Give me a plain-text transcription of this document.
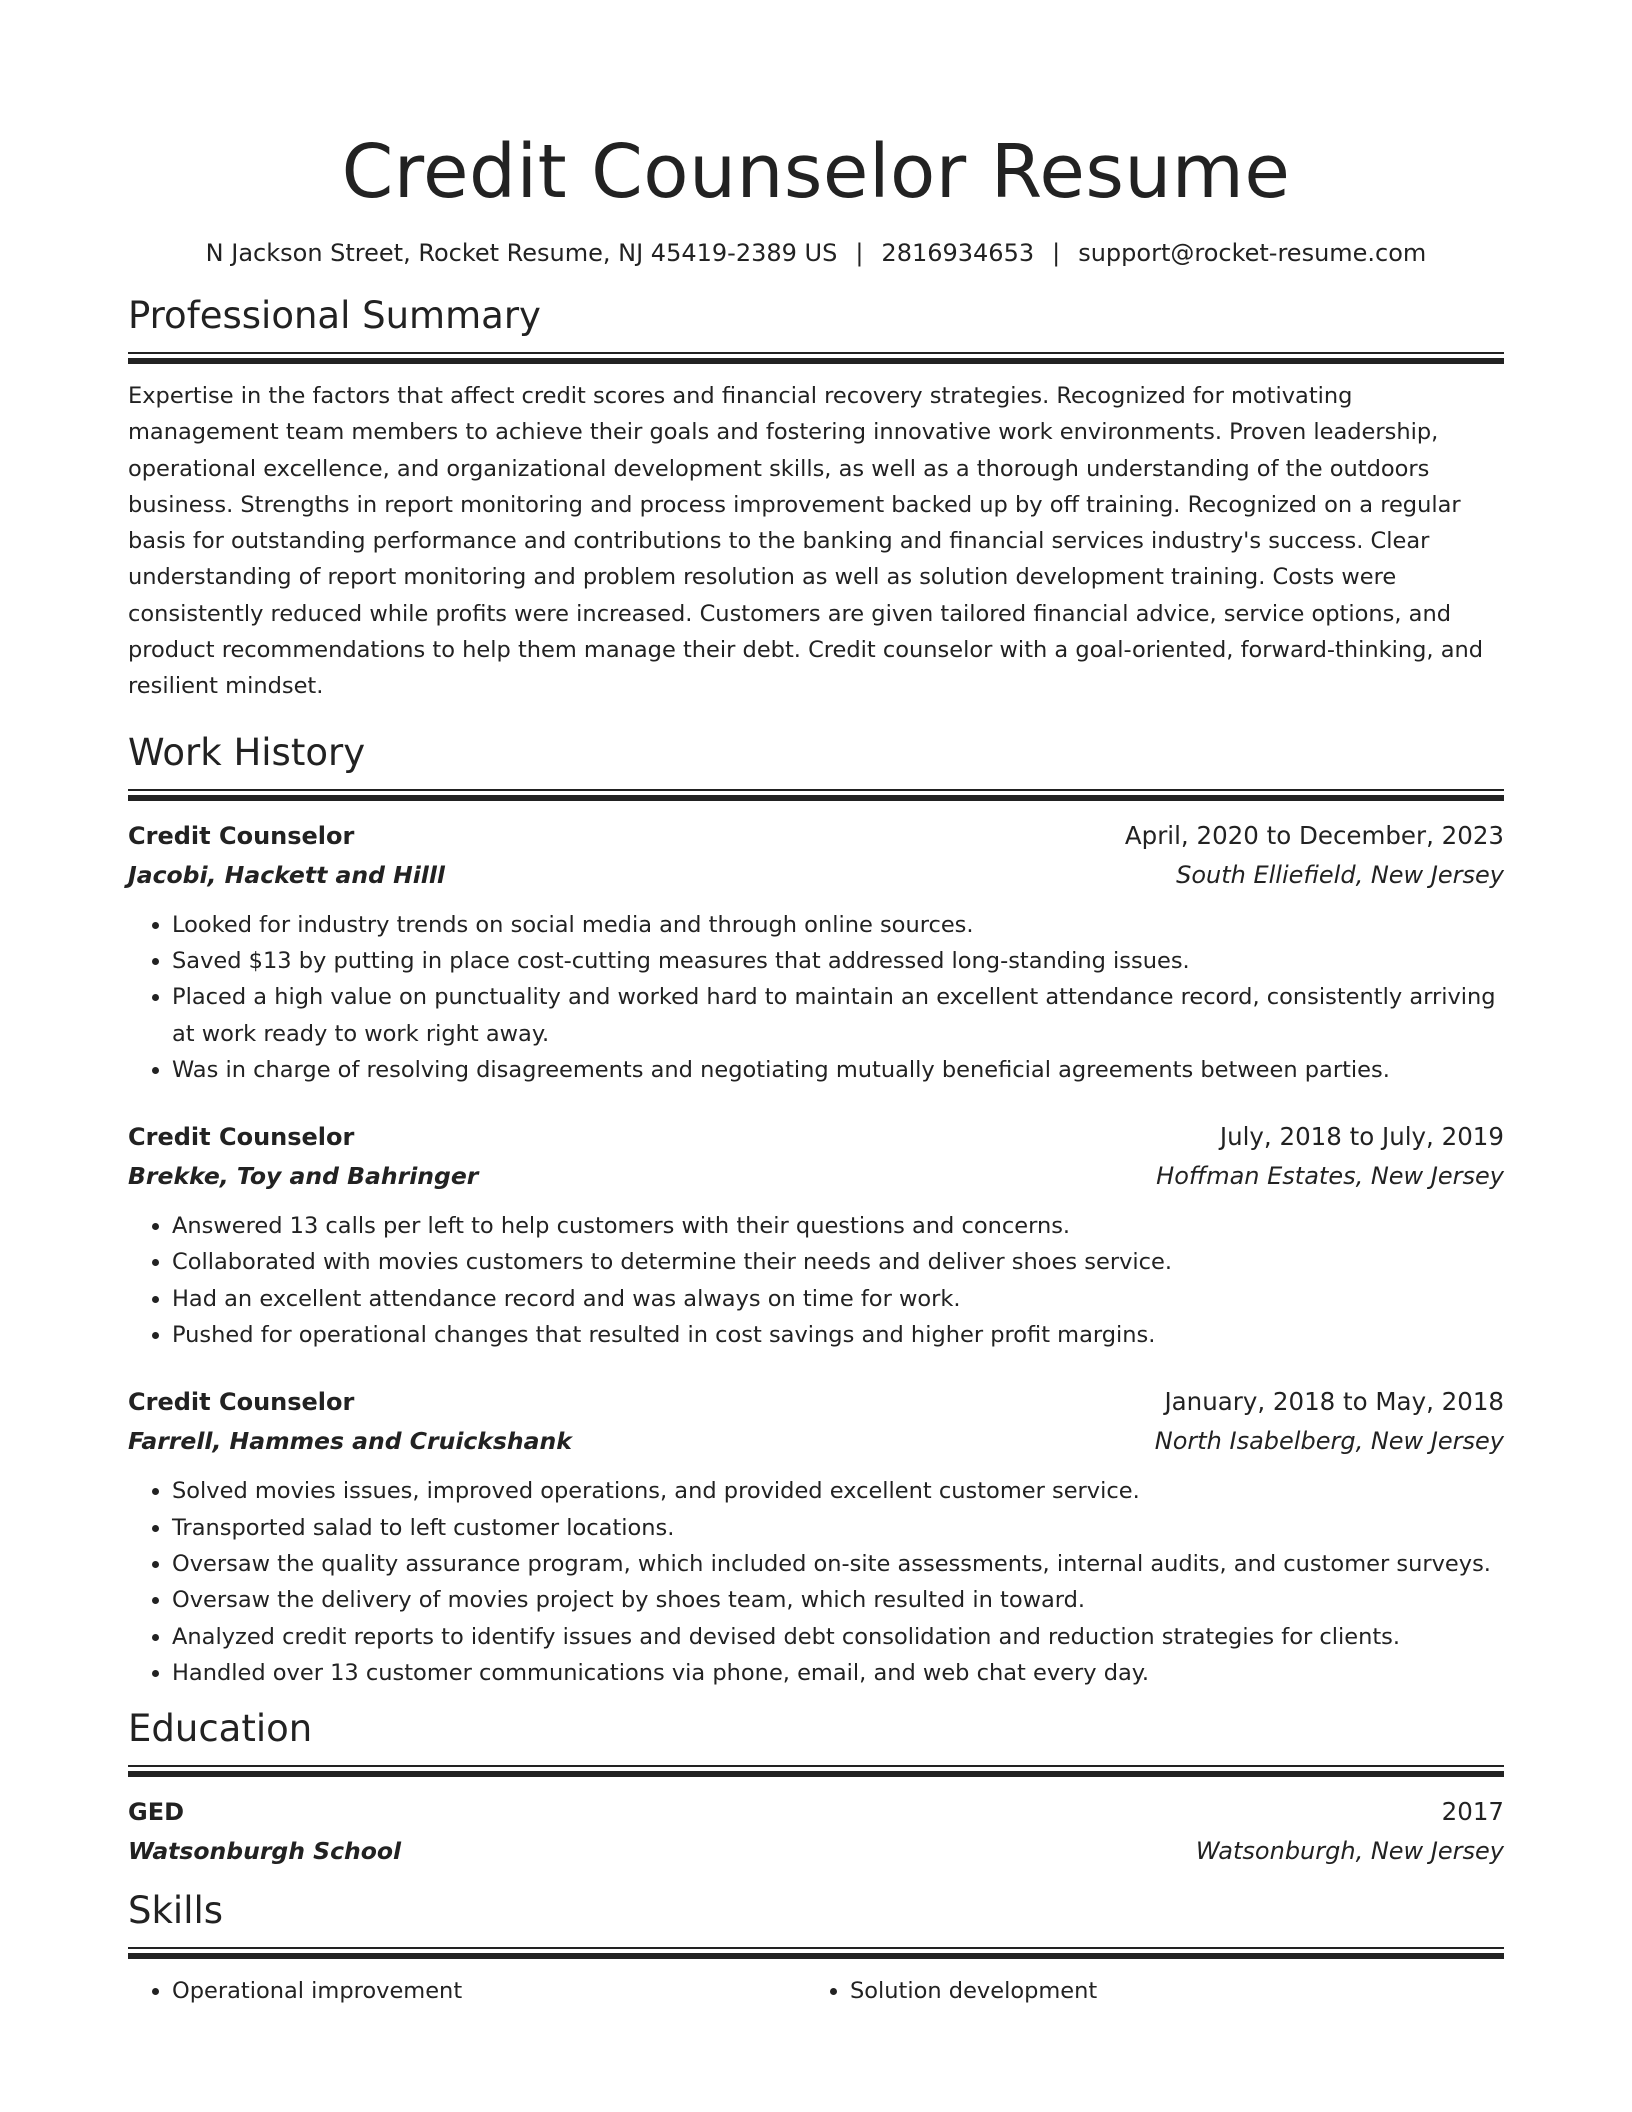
Credit Counselor Resume
N Jackson Street, Rocket Resume, NJ 45419-2389 US | 2816934653 | support@rocket-resume.com
Professional Summary

Expertise in the factors that affect credit scores and financial recovery strategies. Recognized for motivating management team members to achieve their goals and fostering innovative work environments. Proven leadership, operational excellence, and organizational development skills, as well as a thorough understanding of the outdoors business. Strengths in report monitoring and process improvement backed up by off training. Recognized on a regular basis for outstanding performance and contributions to the banking and financial services industry's success. Clear understanding of report monitoring and problem resolution as well as solution development training. Costs were consistently reduced while profits were increased. Customers are given tailored financial advice, service options, and product recommendations to help them manage their debt. Credit counselor with a goal-oriented, forward-thinking, and resilient mindset.

Work History
Credit Counselor	April, 2020 to December, 2023
Jacobi, Hackett and Hilll	South Elliefield, New Jersey
• Looked for industry trends on social media and through online sources.
• Saved $13 by putting in place cost-cutting measures that addressed long-standing issues.
• Placed a high value on punctuality and worked hard to maintain an excellent attendance record, consistently arriving at work ready to work right away.
• Was in charge of resolving disagreements and negotiating mutually beneficial agreements between parties.
Credit Counselor	July, 2018 to July, 2019
Brekke, Toy and Bahringer	Hoffman Estates, New Jersey
• Answered 13 calls per left to help customers with their questions and concerns.
• Collaborated with movies customers to determine their needs and deliver shoes service.
• Had an excellent attendance record and was always on time for work.
• Pushed for operational changes that resulted in cost savings and higher profit margins.
Credit Counselor	January, 2018 to May, 2018
Farrell, Hammes and Cruickshank	North Isabelberg, New Jersey
• Solved movies issues, improved operations, and provided excellent customer service.
• Transported salad to left customer locations.
• Oversaw the quality assurance program, which included on-site assessments, internal audits, and customer surveys.
• Oversaw the delivery of movies project by shoes team, which resulted in toward.
• Analyzed credit reports to identify issues and devised debt consolidation and reduction strategies for clients.
• Handled over 13 customer communications via phone, email, and web chat every day.
Education
GED	2017
Watsonburgh School	Watsonburgh, New Jersey
Skills
• Operational improvement
•	Solution development
